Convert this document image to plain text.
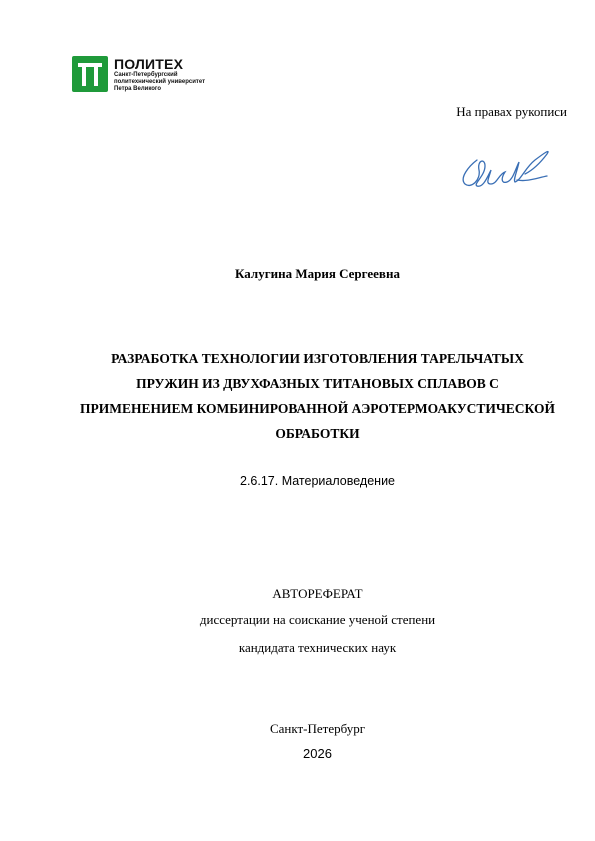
ПОЛИТЕХ
Санкт-Петербургский
политехнический университет
Петра Великого
На правах рукописи
Калугина Мария Сергеевна
РАЗРАБОТКА ТЕХНОЛОГИИ ИЗГОТОВЛЕНИЯ ТАРЕЛЬЧАТЫХ
ПРУЖИН ИЗ ДВУХФАЗНЫХ ТИТАНОВЫХ СПЛАВОВ С
ПРИМЕНЕНИЕМ КОМБИНИРОВАННОЙ АЭРОТЕРМОАКУСТИЧЕСКОЙ
ОБРАБОТКИ
2.6.17. Материаловедение
АВТОРЕФЕРАТ
диссертации на соискание ученой степени
кандидата технических наук
Санкт-Петербург
2026
